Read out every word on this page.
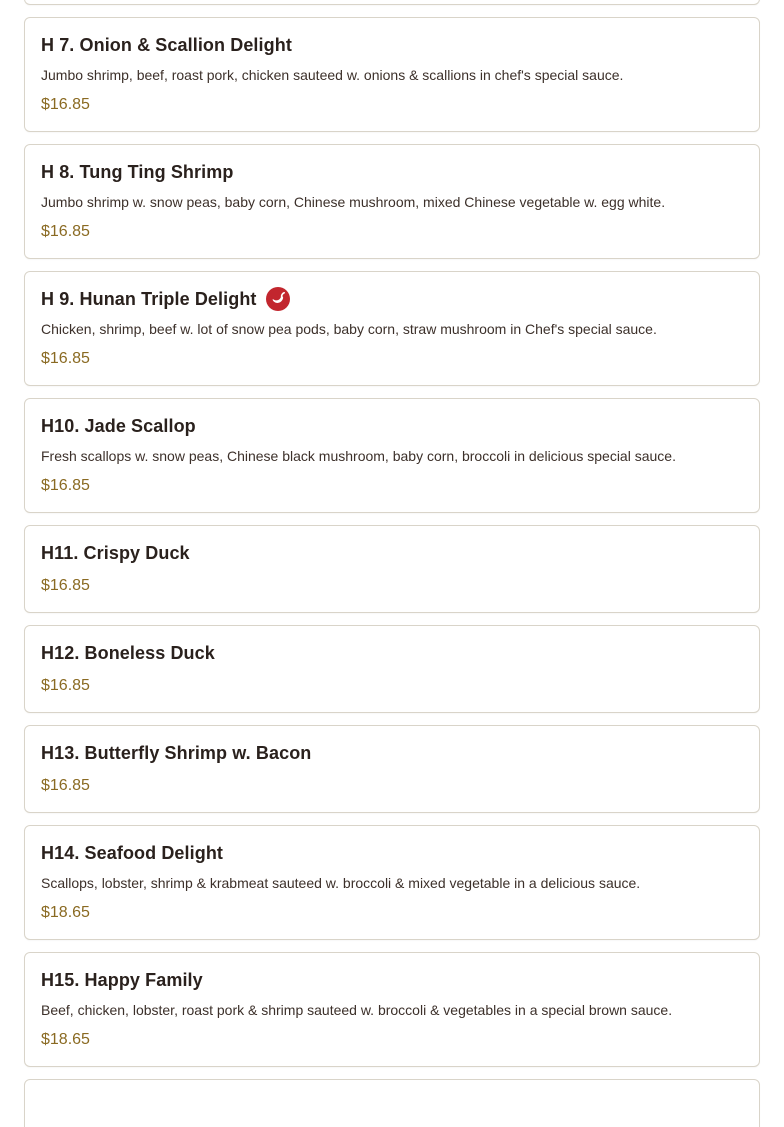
H 7. Onion & Scallion Delight
Jumbo shrimp, beef, roast pork, chicken sauteed w. onions & scallions in chef's special sauce.
$16.85
H 8. Tung Ting Shrimp
Jumbo shrimp w. snow peas, baby corn, Chinese mushroom, mixed Chinese vegetable w. egg white.
$16.85
H 9. Hunan Triple Delight
Chicken, shrimp, beef w. lot of snow pea pods, baby corn, straw mushroom in Chef's special sauce.
$16.85
H10. Jade Scallop
Fresh scallops w. snow peas, Chinese black mushroom, baby corn, broccoli in delicious special sauce.
$16.85
H11. Crispy Duck
$16.85
H12. Boneless Duck
$16.85
H13. Butterfly Shrimp w. Bacon
$16.85
H14. Seafood Delight
Scallops, lobster, shrimp & krabmeat sauteed w. broccoli & mixed vegetable in a delicious sauce.
$18.65
H15. Happy Family
Beef, chicken, lobster, roast pork & shrimp sauteed w. broccoli & vegetables in a special brown sauce.
$18.65
